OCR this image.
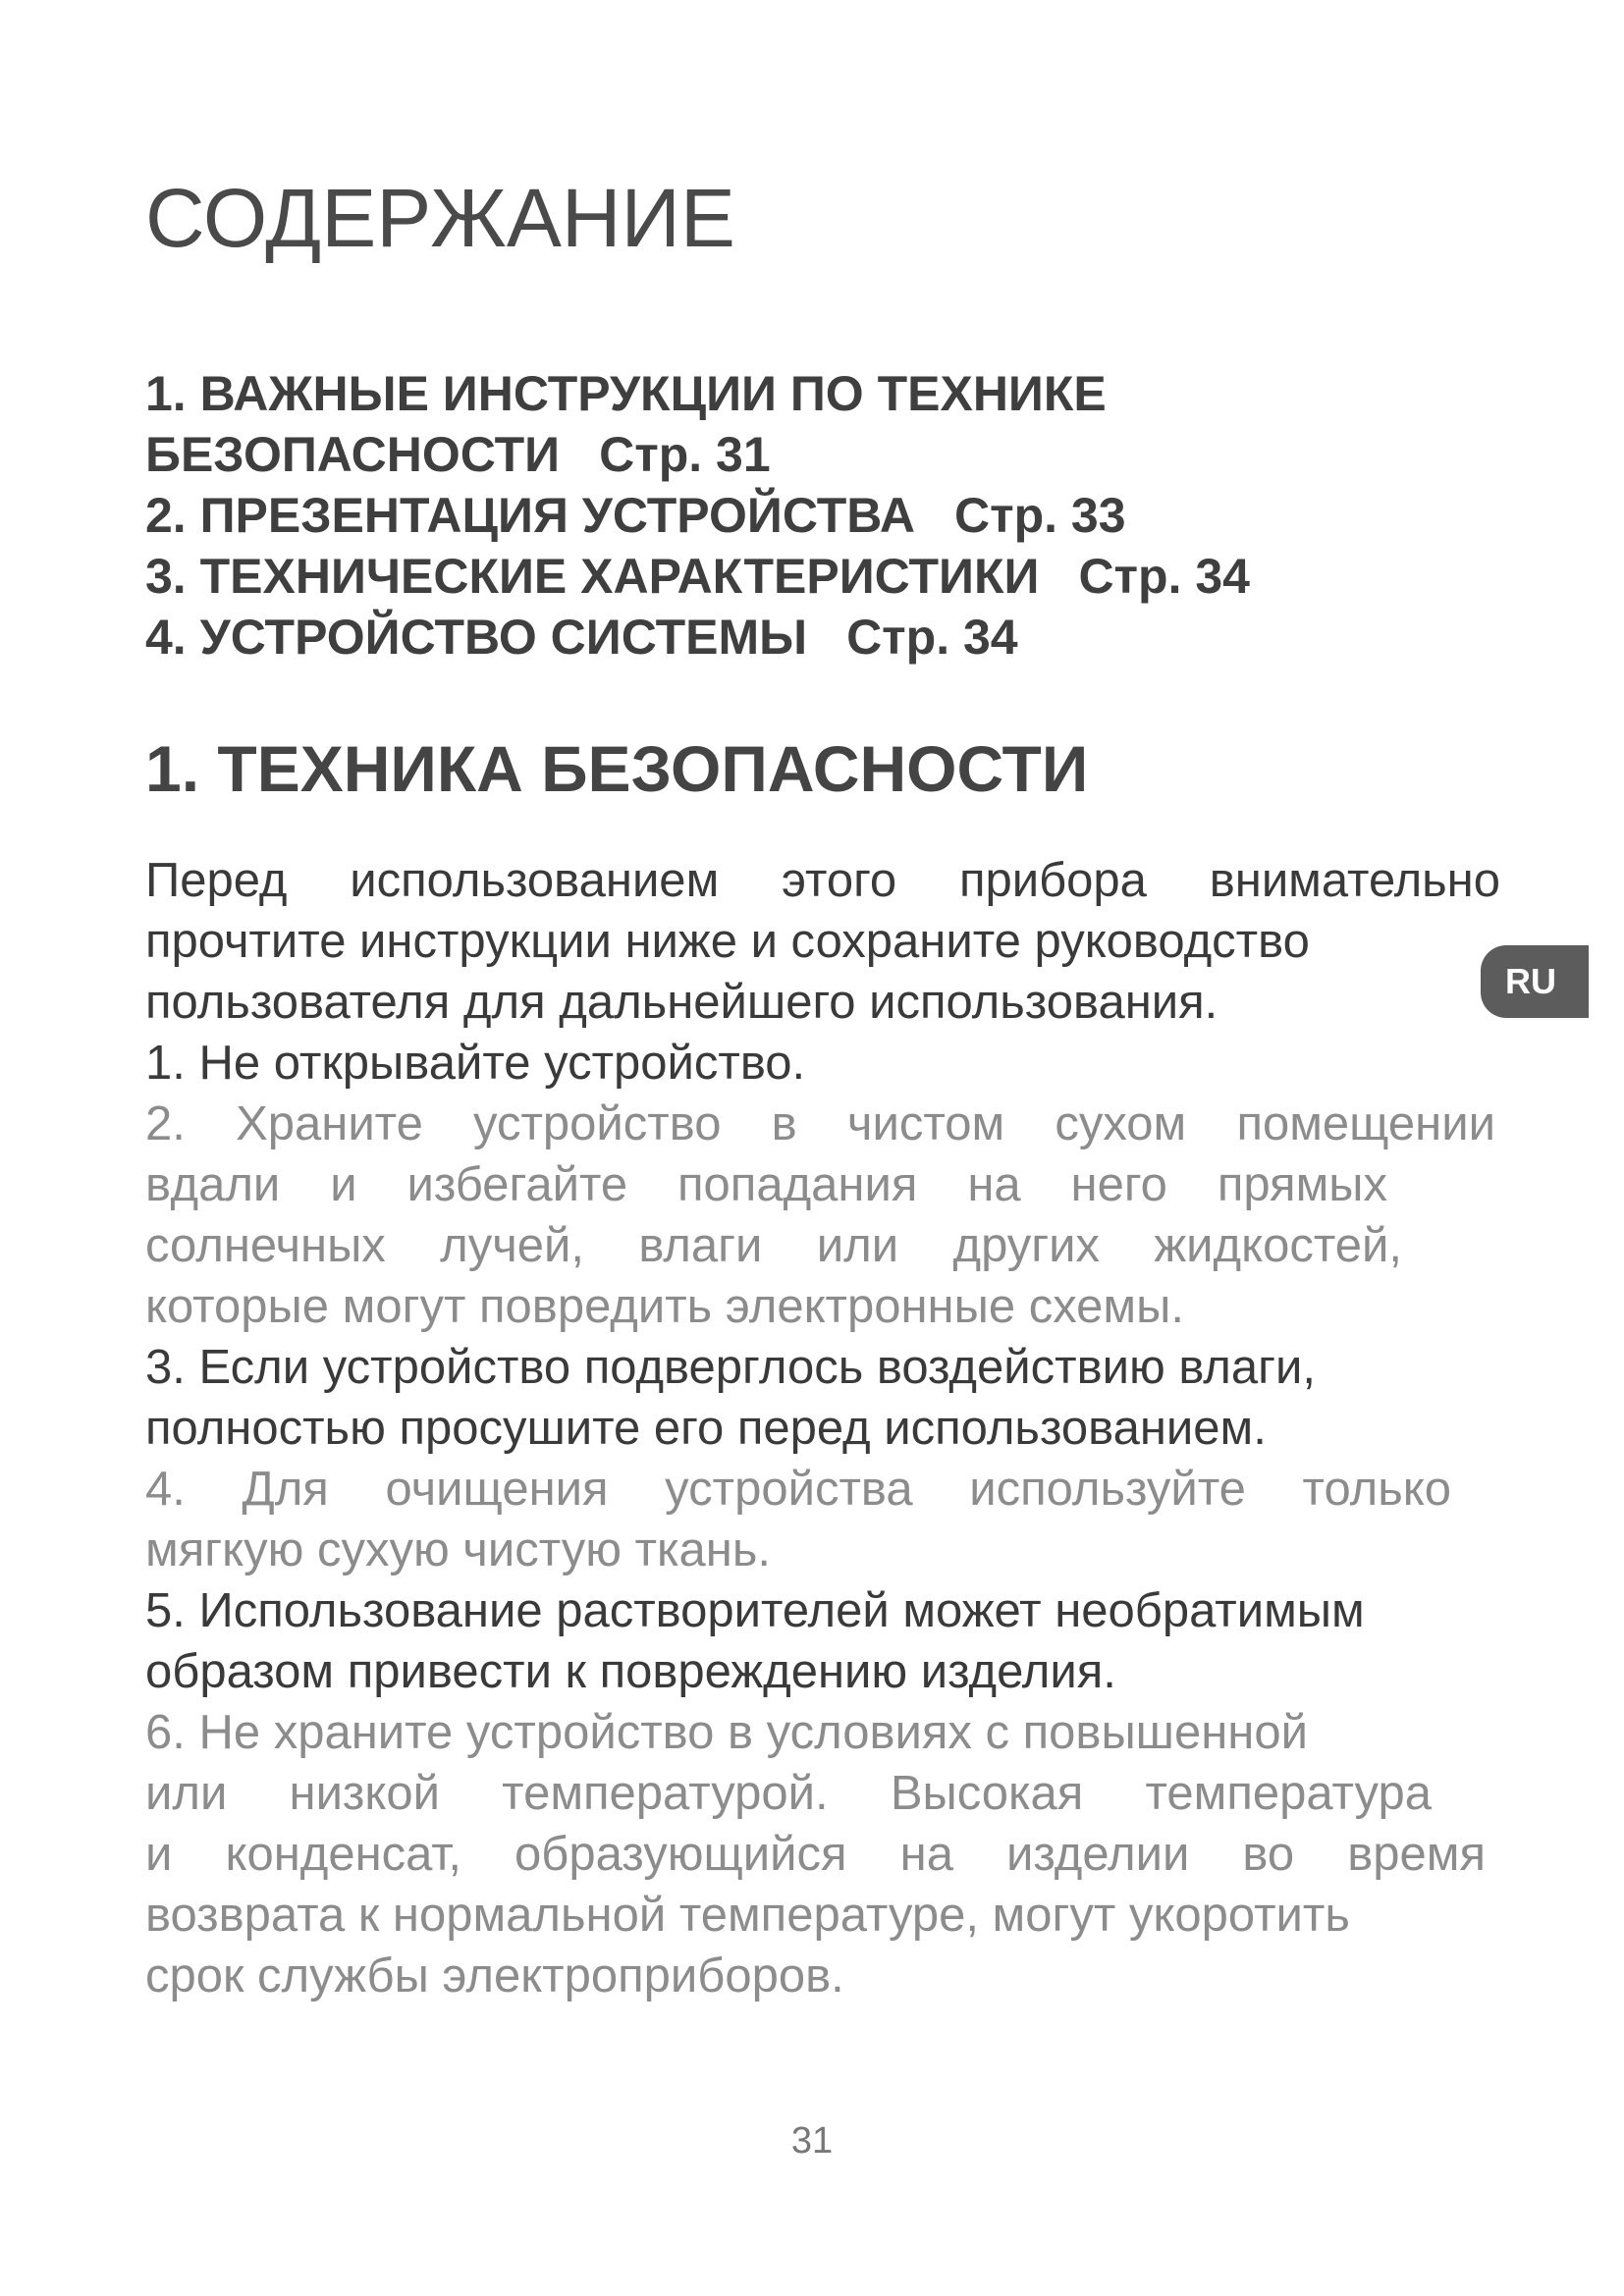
СОДЕРЖАНИЕ
1. ВАЖНЫЕ ИНСТРУКЦИИ ПО ТЕХНИКЕ
БЕЗОПАСНОСТИ Стр. 31
2. ПРЕЗЕНТАЦИЯ УСТРОЙСТВА Стр. 33
3. ТЕХНИЧЕСКИЕ ХАРАКТЕРИСТИКИ Стр. 34
4. УСТРОЙСТВО СИСТЕМЫ Стр. 34
1. ТЕХНИКА БЕЗОПАСНОСТИ

Перед использованием этого прибора внимательно
прочтите инструкции ниже и сохраните руководство
пользователя для дальнейшего использования.

1. Не открывайте устройство.

2. Храните устройство в чистом сухом помещении
вдали и избегайте попадания на него прямых
солнечных лучей, влаги или других жидкостей,
которые могут повредить электронные схемы.

3. Если устройство подверглось воздействию влаги,
полностью просушите его перед использованием.

4. Для очищения устройства используйте только
мягкую сухую чистую ткань.

5. Использование растворителей может необратимым
образом привести к повреждению изделия.

6. Не храните устройство в условиях с повышенной
или низкой температурой. Высокая температура
и конденсат, образующийся на изделии во время
возврата к нормальной температуре, могут укоротить
срок службы электроприборов.

RU
31
